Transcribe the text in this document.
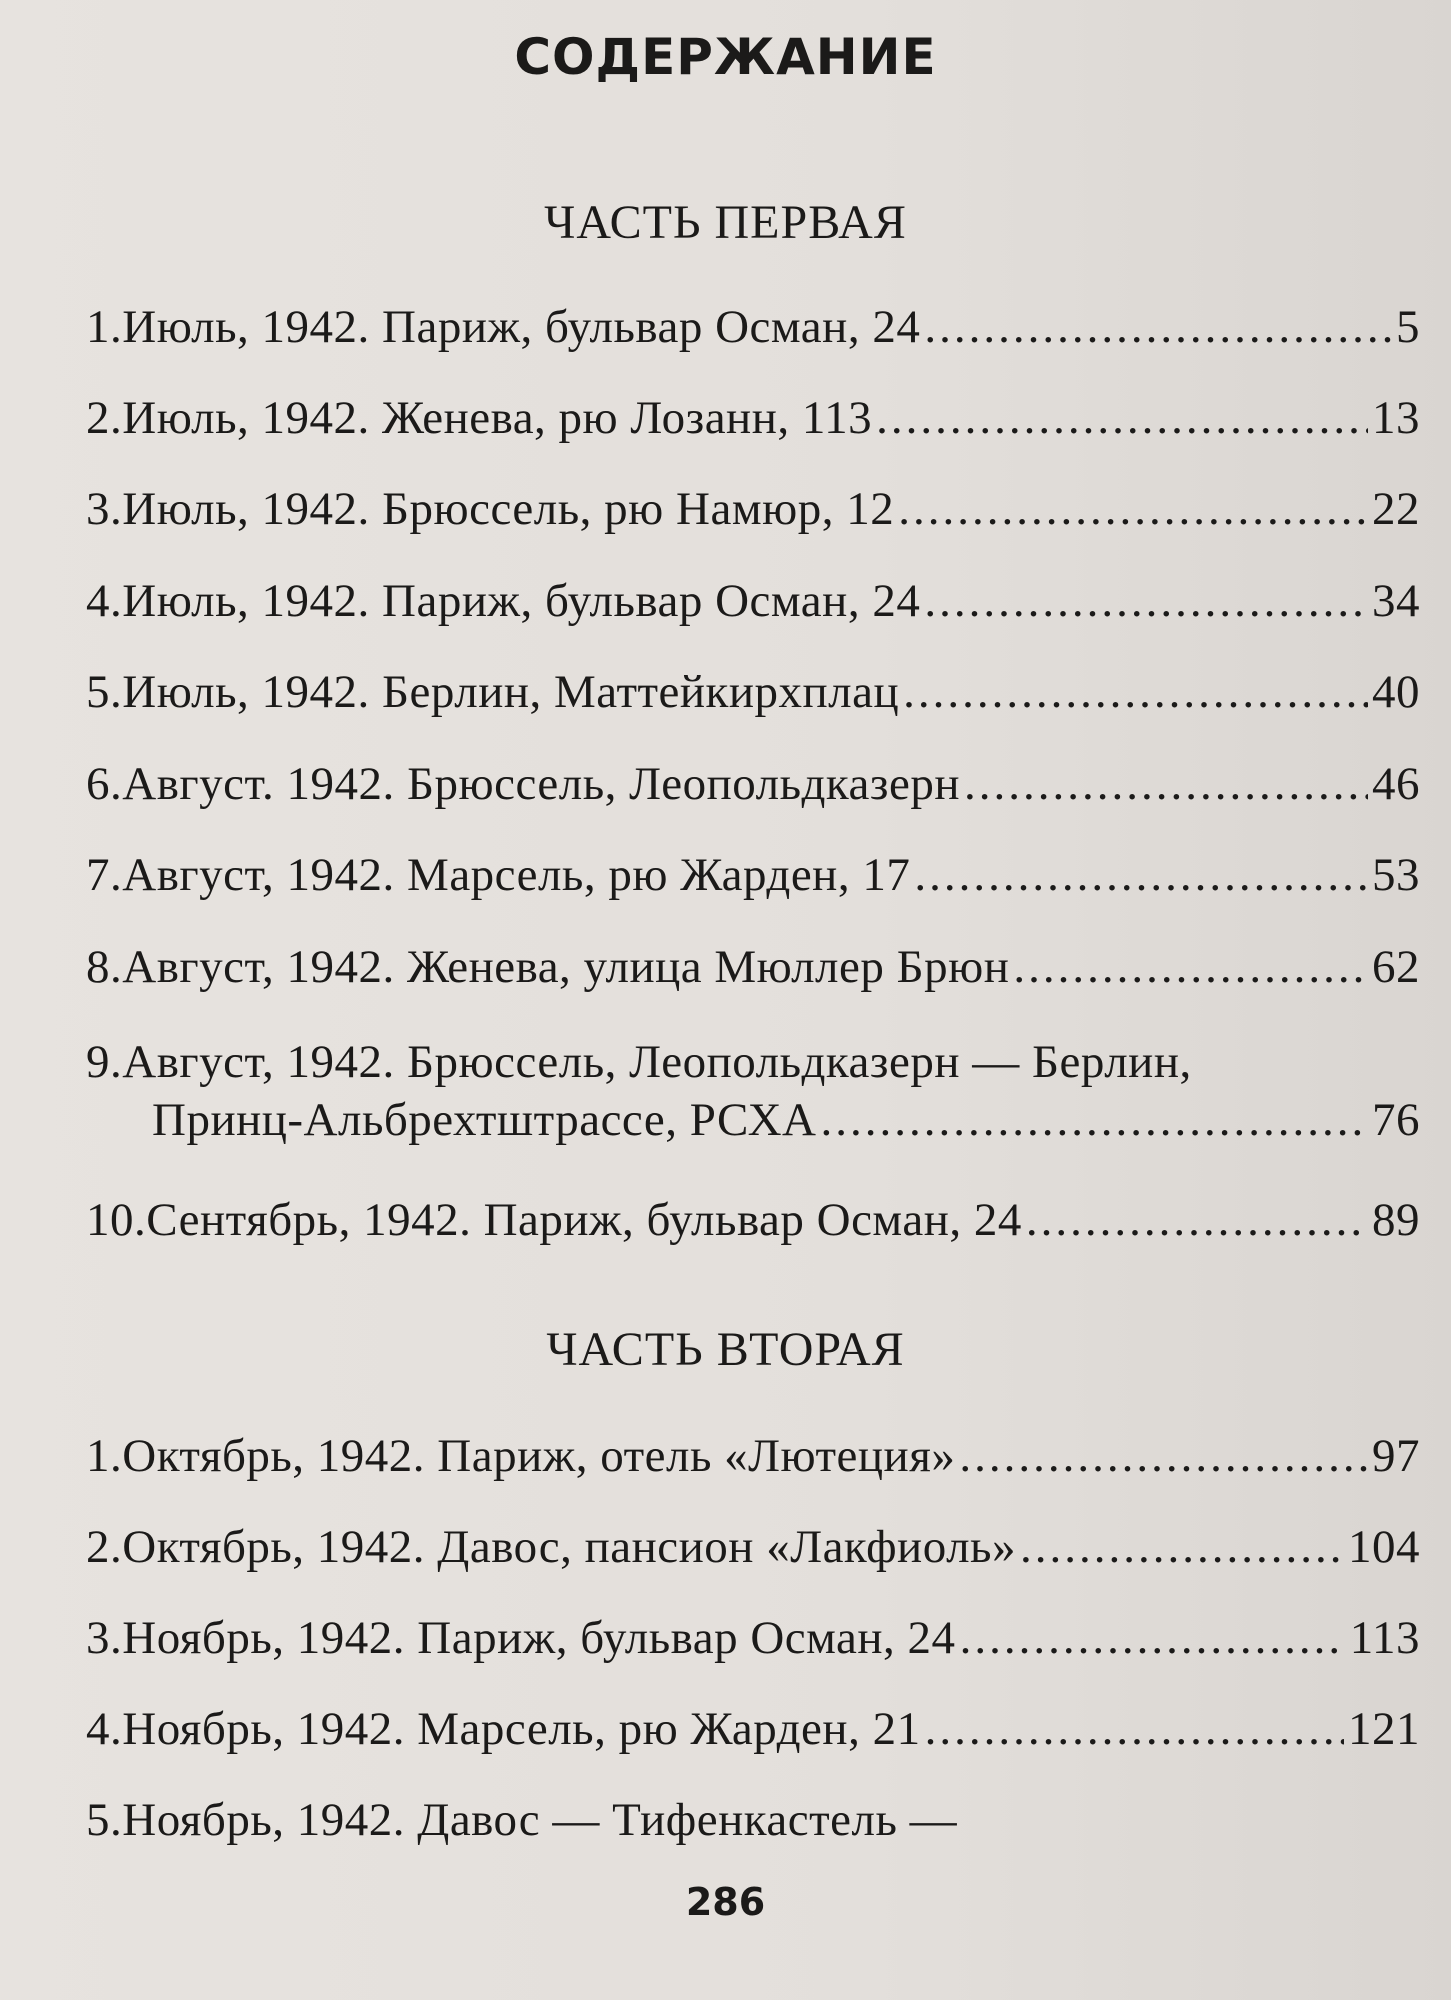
СОДЕРЖАНИЕ
ЧАСТЬ ПЕРВАЯ
1. Июль, 1942. Париж, бульвар Осман, 24 .....	5
2. Июль, 1942. Женева, рю Лозанн, 113 .....	13
3. Июль, 1942. Брюссель, рю Намюр, 12 .....	22
4. Июль, 1942. Париж, бульвар Осман, 24 .....	34
5. Июль, 1942. Берлин, Маттейкирхплац .....	40
6. Август. 1942. Брюссель, Леопольдказерн .....	46
7. Август, 1942. Марсель, рю Жарден, 17 .....	53
8. Август, 1942. Женева, улица Мюллер Брюн .....	62
9. Август, 1942. Брюссель, Леопольдказерн — Берлин,
Принц-Альбрехтштрассе, РСХА .....	76
10. Сентябрь, 1942. Париж, бульвар Осман, 24 .....	89
ЧАСТЬ ВТОРАЯ
1. Октябрь, 1942. Париж, отель «Лютеция» .....	97
2. Октябрь, 1942. Давос, пансион «Лакфиоль» .....	104
3. Ноябрь, 1942. Париж, бульвар Осман, 24 .....	113
4. Ноябрь, 1942. Марсель, рю Жарден, 21 .....	121
5. Ноябрь, 1942. Давос — Тифенкастель —
286
